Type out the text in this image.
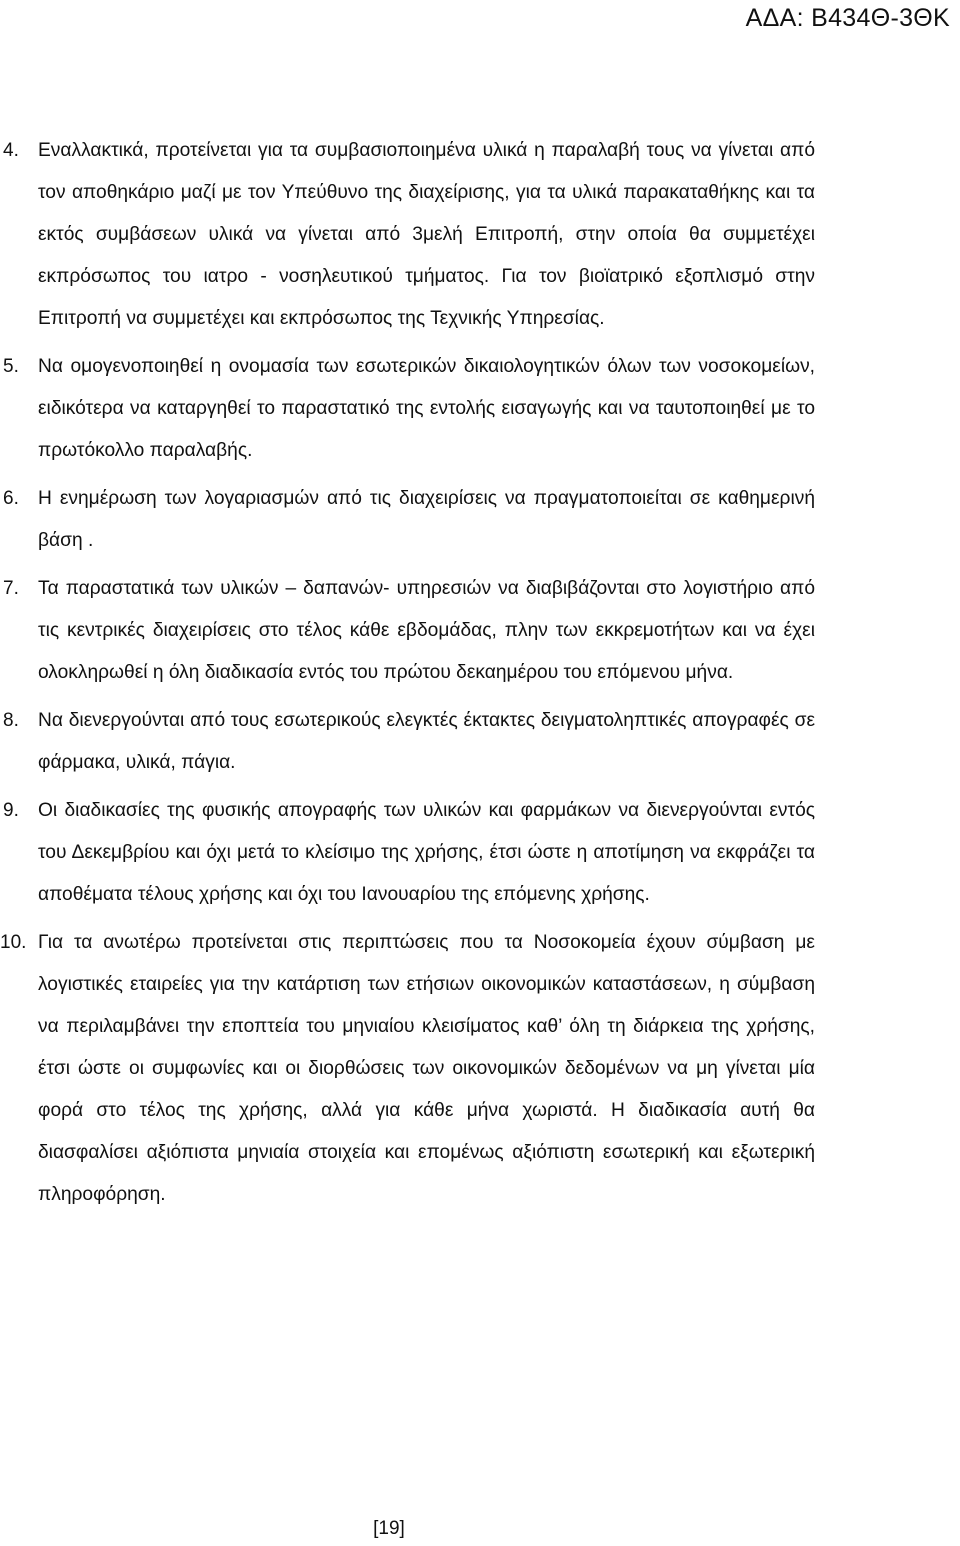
ΑΔΑ: Β434Θ-3ΘΚ
4. Εναλλακτικά, προτείνεται για τα συμβασιοποιημένα υλικά η παραλαβή τους να γίνεται από τον αποθηκάριο μαζί με τον Υπεύθυνο της διαχείρισης, για τα υλικά παρακαταθήκης και τα εκτός συμβάσεων υλικά να γίνεται από 3μελή Επιτροπή, στην οποία θα συμμετέχει εκπρόσωπος του ιατρο - νοσηλευτικού τμήματος. Για τον βιοϊατρικό εξοπλισμό στην Επιτροπή να συμμετέχει και εκπρόσωπος της Τεχνικής Υπηρεσίας.
5. Να ομογενοποιηθεί η ονομασία των εσωτερικών δικαιολογητικών όλων των νοσοκομείων, ειδικότερα να καταργηθεί το παραστατικό της εντολής εισαγωγής και να ταυτοποιηθεί με το πρωτόκολλο παραλαβής.
6. Η ενημέρωση των λογαριασμών από τις διαχειρίσεις να πραγματοποιείται σε καθημερινή βάση .
7. Τα παραστατικά των υλικών – δαπανών- υπηρεσιών να διαβιβάζονται στο λογιστήριο από τις κεντρικές διαχειρίσεις στο τέλος κάθε εβδομάδας, πλην των εκκρεμοτήτων και να έχει ολοκληρωθεί η όλη διαδικασία εντός του πρώτου δεκαημέρου του επόμενου μήνα.
8. Να διενεργούνται από τους εσωτερικούς ελεγκτές έκτακτες δειγματοληπτικές απογραφές σε φάρμακα, υλικά, πάγια.
9. Οι διαδικασίες της φυσικής απογραφής των υλικών και φαρμάκων να διενεργούνται εντός του Δεκεμβρίου και όχι μετά το κλείσιμο της χρήσης, έτσι ώστε η αποτίμηση να εκφράζει τα αποθέματα τέλους χρήσης και όχι του Ιανουαρίου της επόμενης χρήσης.
10. Για τα ανωτέρω προτείνεται στις περιπτώσεις που τα Νοσοκομεία έχουν σύμβαση με λογιστικές εταιρείες για την κατάρτιση των ετήσιων οικονομικών καταστάσεων, η σύμβαση να περιλαμβάνει την εποπτεία του μηνιαίου κλεισίματος καθ’ όλη τη διάρκεια της χρήσης, έτσι ώστε οι συμφωνίες και οι διορθώσεις των οικονομικών δεδομένων να μη γίνεται μία φορά στο τέλος της χρήσης, αλλά για κάθε μήνα χωριστά. Η διαδικασία αυτή θα διασφαλίσει αξιόπιστα μηνιαία στοιχεία και επομένως αξιόπιστη εσωτερική και εξωτερική πληροφόρηση.
[19]
